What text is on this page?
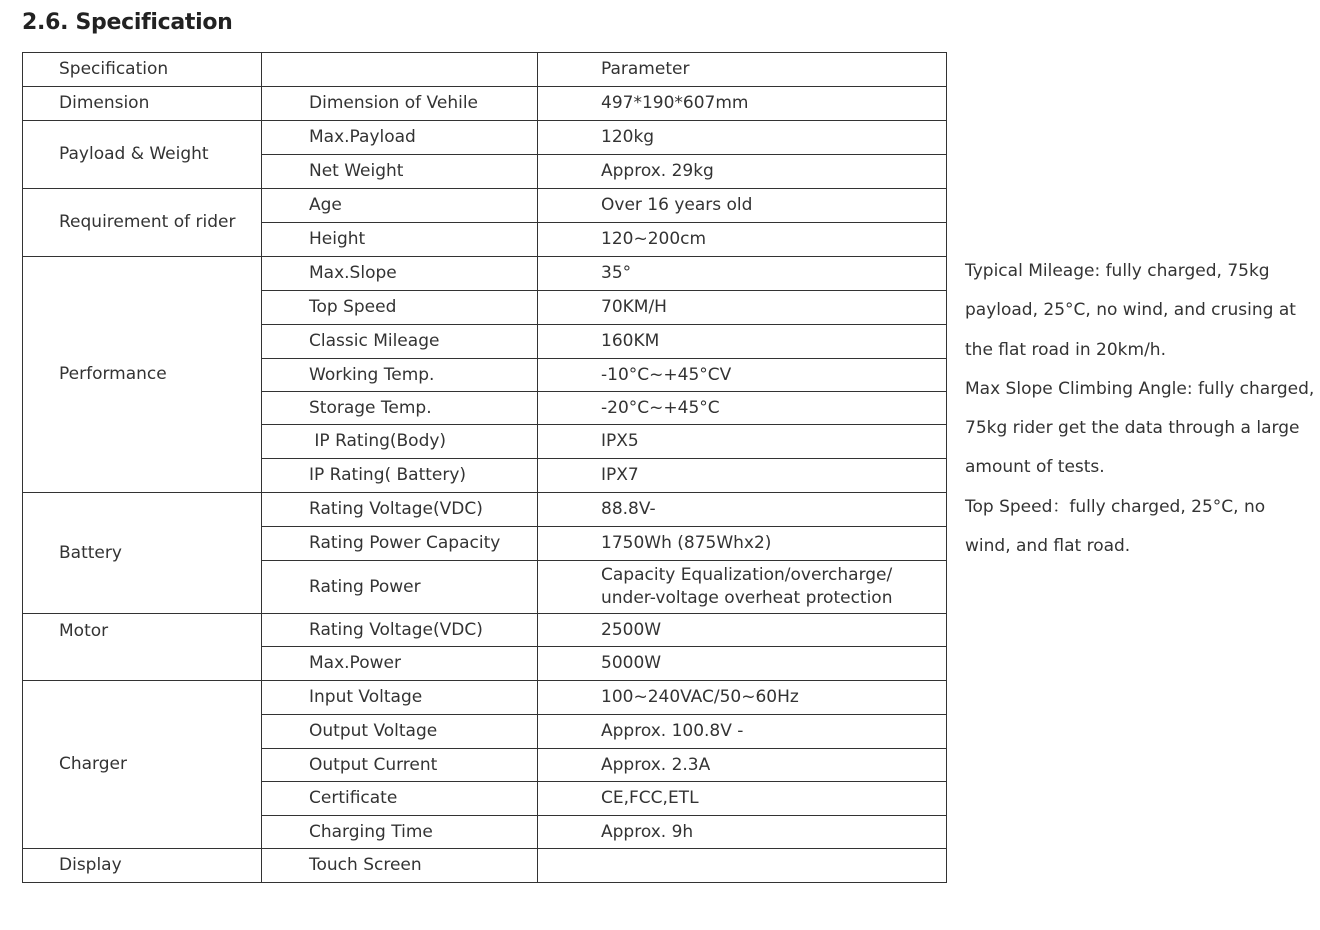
2.6. Specification
Specification		Parameter
Dimension	Dimension of Vehile	497*190*607mm
Payload & Weight	Max.Payload	120kg
	Net Weight	Approx. 29kg
Requirement of rider	Age	Over 16 years old
	Height	120~200cm
Performance	Max.Slope	35°
	Top Speed	70KM/H
	Classic Mileage	160KM
	Working Temp.	-10°C~+45°CV
	Storage Temp.	-20°C~+45°C
	IP Rating(Body)	IPX5
	IP Rating( Battery)	IPX7
Battery	Rating Voltage(VDC)	88.8V-
	Rating Power Capacity	1750Wh (875Whx2)
	Rating Power	Capacity Equalization/overcharge/
under-voltage overheat protection

Motor	Rating Voltage(VDC)	2500W
	Max.Power	5000W
Charger	Input Voltage	100~240VAC/50~60Hz
	Output Voltage	Approx. 100.8V -
	Output Current	Approx. 2.3A
	Certificate	CE,FCC,ETL
	Charging Time	Approx. 9h
Display	Touch Screen	

Typical Mileage: fully charged, 75kg payload, 25°C, no wind, and crusing at the flat road in 20km/h.

Max Slope Climbing Angle: fully charged, 75kg rider get the data through a large amount of tests.

Top Speed：fully charged, 25°C, no wind, and flat road.
